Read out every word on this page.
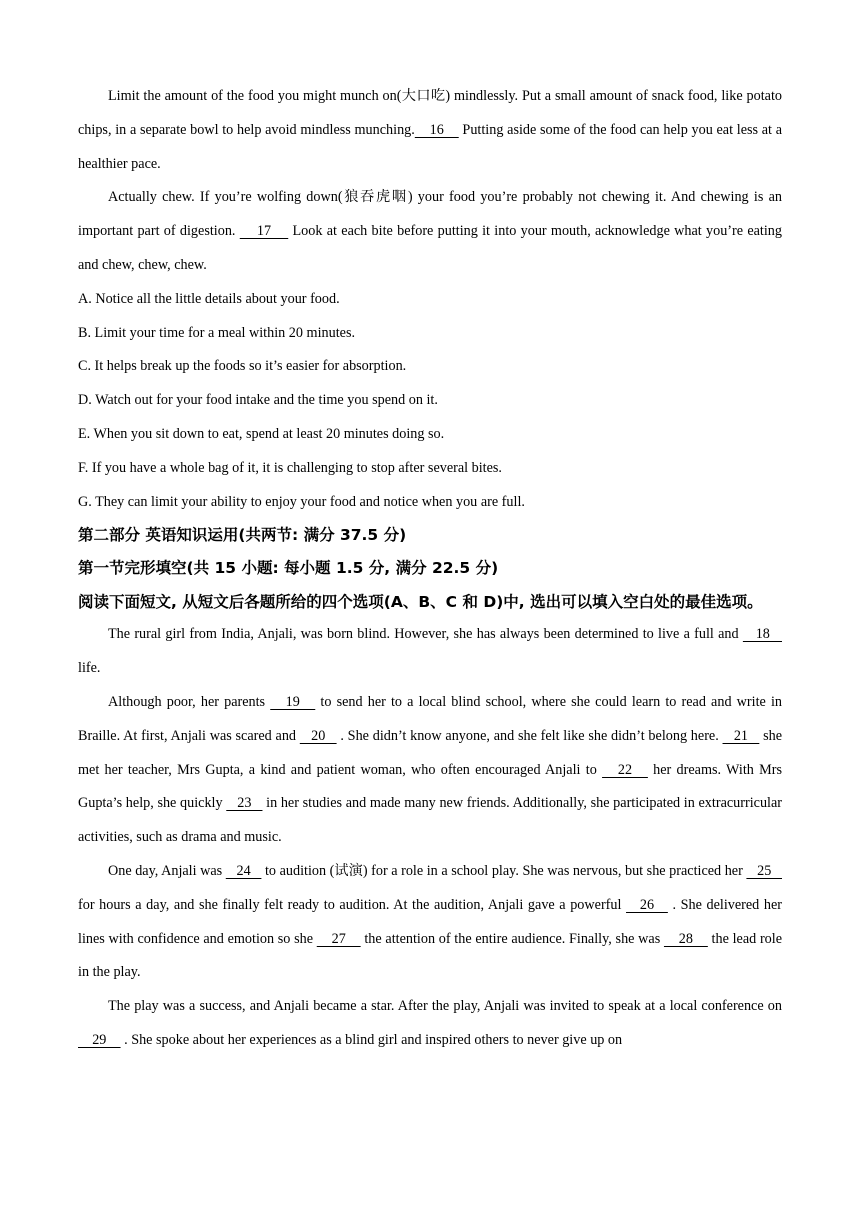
Limit the amount of the food you might munch on(大口吃) mindlessly. Put a small amount of snack food, like potato chips, in a separate bowl to help avoid mindless munching.    16     Putting aside some of the food can help you eat less at a healthier pace.

Actually chew. If you’re wolfing down(狼吞虎咽) your food you’re probably not chewing it. And chewing is an important part of digestion.     17     Look at each bite before putting it into your mouth, acknowledge what you’re eating and chew, chew, chew.

A. Notice all the little details about your food.

B. Limit your time for a meal within 20 minutes.

C. It helps break up the foods so it’s easier for absorption.

D. Watch out for your food intake and the time you spend on it.

E. When you sit down to eat, spend at least 20 minutes doing so.

F. If you have a whole bag of it, it is challenging to stop after several bites.

G. They can limit your ability to enjoy your food and notice when you are full.

第二部分 英语知识运用(共两节: 满分 37.5 分)
第一节完形填空(共 15 小题: 每小题 1.5 分, 满分 22.5 分)
阅读下面短文, 从短文后各题所给的四个选项(A、B、C 和 D)中, 选出可以填入空白处的最佳选项。

The rural girl from India, Anjali, was born blind. However, she has always been determined to live a full and    18    life.

Although poor, her parents    19    to send her to a local blind school, where she could learn to read and write in Braille. At first, Anjali was scared and    20    . She didn’t know anyone, and she felt like she didn’t belong here.    21    she met her teacher, Mrs Gupta, a kind and patient woman, who often encouraged Anjali to    22    her dreams. With Mrs Gupta’s help, she quickly    23    in her studies and made many new friends. Additionally, she participated in extracurricular activities, such as drama and music.

One day, Anjali was    24    to audition (试演) for a role in a school play. She was nervous, but she practiced her    25    for hours a day, and she finally felt ready to audition. At the audition, Anjali gave a powerful    26    . She delivered her lines with confidence and emotion so she     27     the attention of the entire audience. Finally, she was     28     the lead role in the play.

The play was a success, and Anjali became a star. After the play, Anjali was invited to speak at a local conference on     29     . She spoke about her experiences as a blind girl and inspired others to never give up on
